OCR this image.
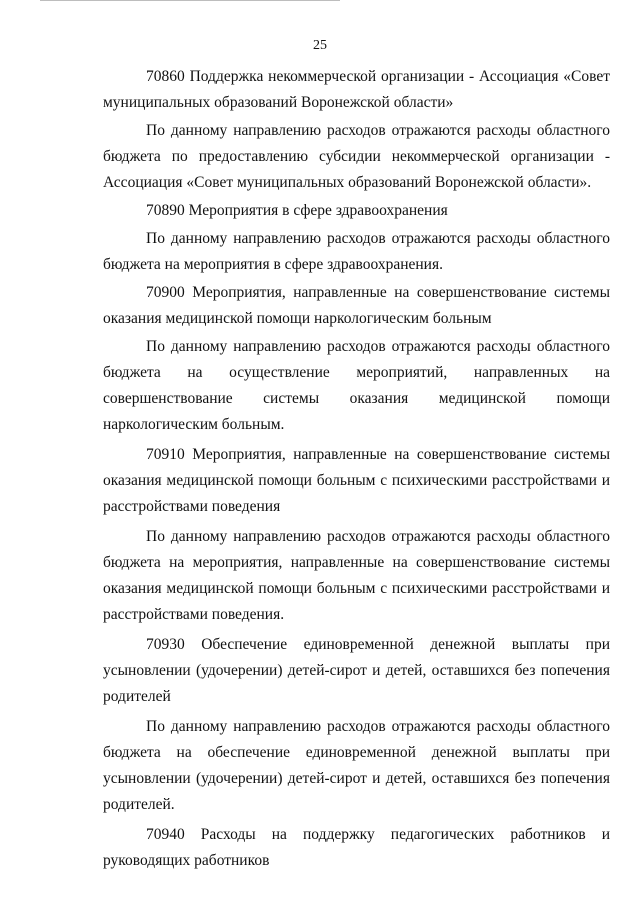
25

70860 Поддержка некоммерческой организации - Ассоциация «Совет муниципальных образований Воронежской области»

По данному направлению расходов отражаются расходы областного бюджета по предоставлению субсидии некоммерческой организации - Ассоциация «Совет муниципальных образований Воронежской области».

70890 Мероприятия в сфере здравоохранения

По данному направлению расходов отражаются расходы областного бюджета на мероприятия в сфере здравоохранения.

70900 Мероприятия, направленные на совершенствование системы оказания медицинской помощи наркологическим больным

По данному направлению расходов отражаются расходы областного бюджета на осуществление мероприятий, направленных на совершенствование системы оказания медицинской помощи наркологическим больным.

70910 Мероприятия, направленные на совершенствование системы оказания медицинской помощи больным с психическими расстройствами и расстройствами поведения

По данному направлению расходов отражаются расходы областного бюджета на мероприятия, направленные на совершенствование системы оказания медицинской помощи больным с психическими расстройствами и расстройствами поведения.

70930 Обеспечение единовременной денежной выплаты при усыновлении (удочерении) детей-сирот и детей, оставшихся без попечения родителей

По данному направлению расходов отражаются расходы областного бюджета на обеспечение единовременной денежной выплаты при усыновлении (удочерении) детей-сирот и детей, оставшихся без попечения родителей.

70940 Расходы на поддержку педагогических работников и руководящих работников
